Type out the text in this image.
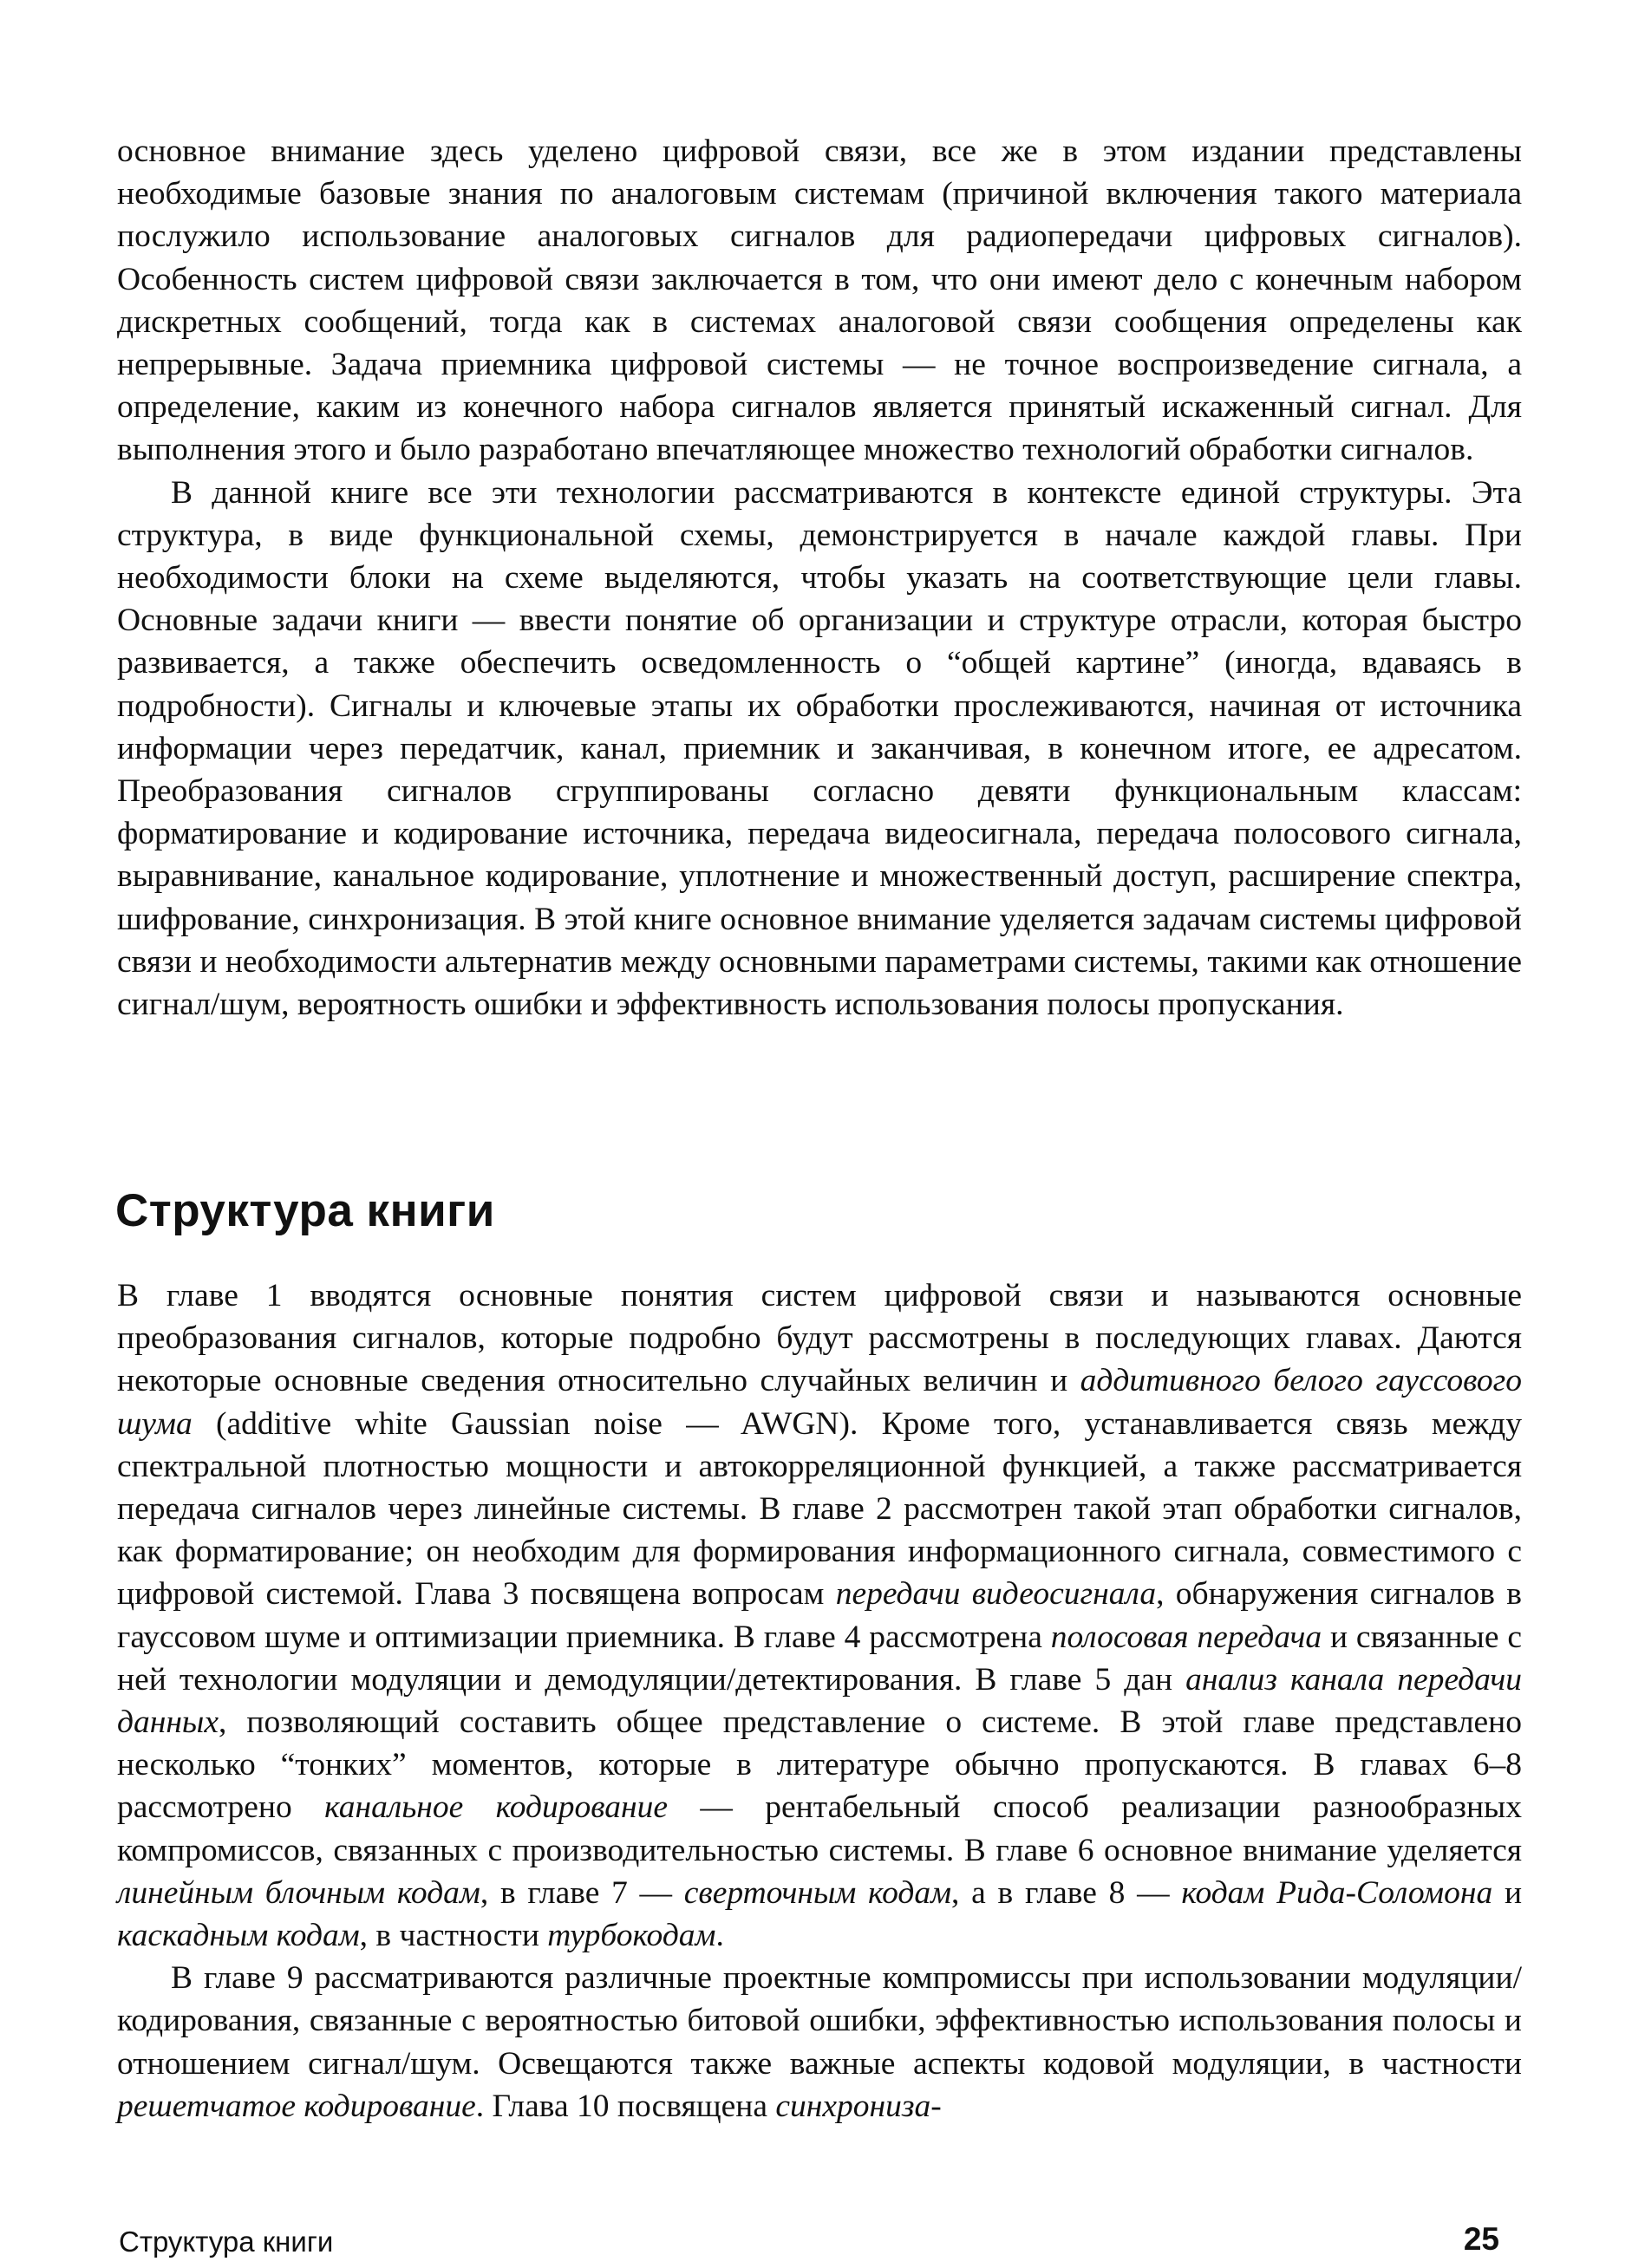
основное внимание здесь уделено цифровой связи, все же в этом издании представлены необходимые базовые знания по аналоговым системам (причиной включения такого материала послужило использование аналоговых сигналов для радиопередачи цифровых сигналов). Особенность систем цифровой связи заключается в том, что они имеют дело с конечным набором дискретных сообщений, тогда как в системах аналоговой связи сообщения определены как непрерывные. Задача приемника цифровой системы — не точное воспроизведение сигнала, а определение, каким из конечного набора сигналов является принятый искаженный сигнал. Для выполнения этого и было разработано впечатляющее множество технологий обработки сигналов.

В данной книге все эти технологии рассматриваются в контексте единой структуры. Эта структура, в виде функциональной схемы, демонстрируется в начале каждой главы. При необходимости блоки на схеме выделяются, чтобы указать на соответствующие цели главы. Основные задачи книги — ввести понятие об организации и структуре отрасли, которая быстро развивается, а также обеспечить осведомленность о “общей картине” (иногда, вдаваясь в подробности). Сигналы и ключевые этапы их обработки прослеживаются, начиная от источника информации через передатчик, канал, приемник и заканчивая, в конечном итоге, ее адресатом. Преобразования сигналов сгруппированы согласно девяти функциональным классам: форматирование и кодирование источника, передача видеосигнала, передача полосового сигнала, выравнивание, канальное кодирование, уплотнение и множественный доступ, расширение спектра, шифрование, синхронизация. В этой книге основное внимание уделяется задачам системы цифровой связи и необходимости альтернатив между основными параметрами системы, такими как отношение сигнал/шум, вероятность ошибки и эффективность использования полосы пропускания.

Структура книги

В главе 1 вводятся основные понятия систем цифровой связи и называются основные преобразования сигналов, которые подробно будут рассмотрены в последующих главах. Даются некоторые основные сведения относительно случайных величин и аддитивного белого гауссового шума (additive white Gaussian noise — AWGN). Кроме того, устанавливается связь между спектральной плотностью мощности и автокорреляционной функцией, а также рассматривается передача сигналов через линейные системы. В главе 2 рассмотрен такой этап обработки сигналов, как форматирование; он необходим для формирования информационного сигнала, совместимого с цифровой системой. Глава 3 посвящена вопросам передачи видеосигнала, обнаружения сигналов в гауссовом шуме и оптимизации приемника. В главе 4 рассмотрена полосовая передача и связанные с ней технологии модуляции и демодуляции/детектирования. В главе 5 дан анализ канала передачи данных, позволяющий составить общее представление о системе. В этой главе представлено несколько “тонких” моментов, которые в литературе обычно пропускаются. В главах 6–8 рассмотрено канальное кодирование — рентабельный способ реализации разнообразных компромиссов, связанных с производительностью системы. В главе 6 основное внимание уделяется линейным блочным кодам, в главе 7 — сверточным кодам, а в главе 8 — кодам Рида-Соломона и каскадным кодам, в частности турбокодам.

В главе 9 рассматриваются различные проектные компромиссы при использовании модуляции/кодирования, связанные с вероятностью битовой ошибки, эффективностью использования полосы и отношением сигнал/шум. Освещаются также важные аспекты кодовой модуляции, в частности решетчатое кодирование. Глава 10 посвящена синхрониза-

Структура книги	25
